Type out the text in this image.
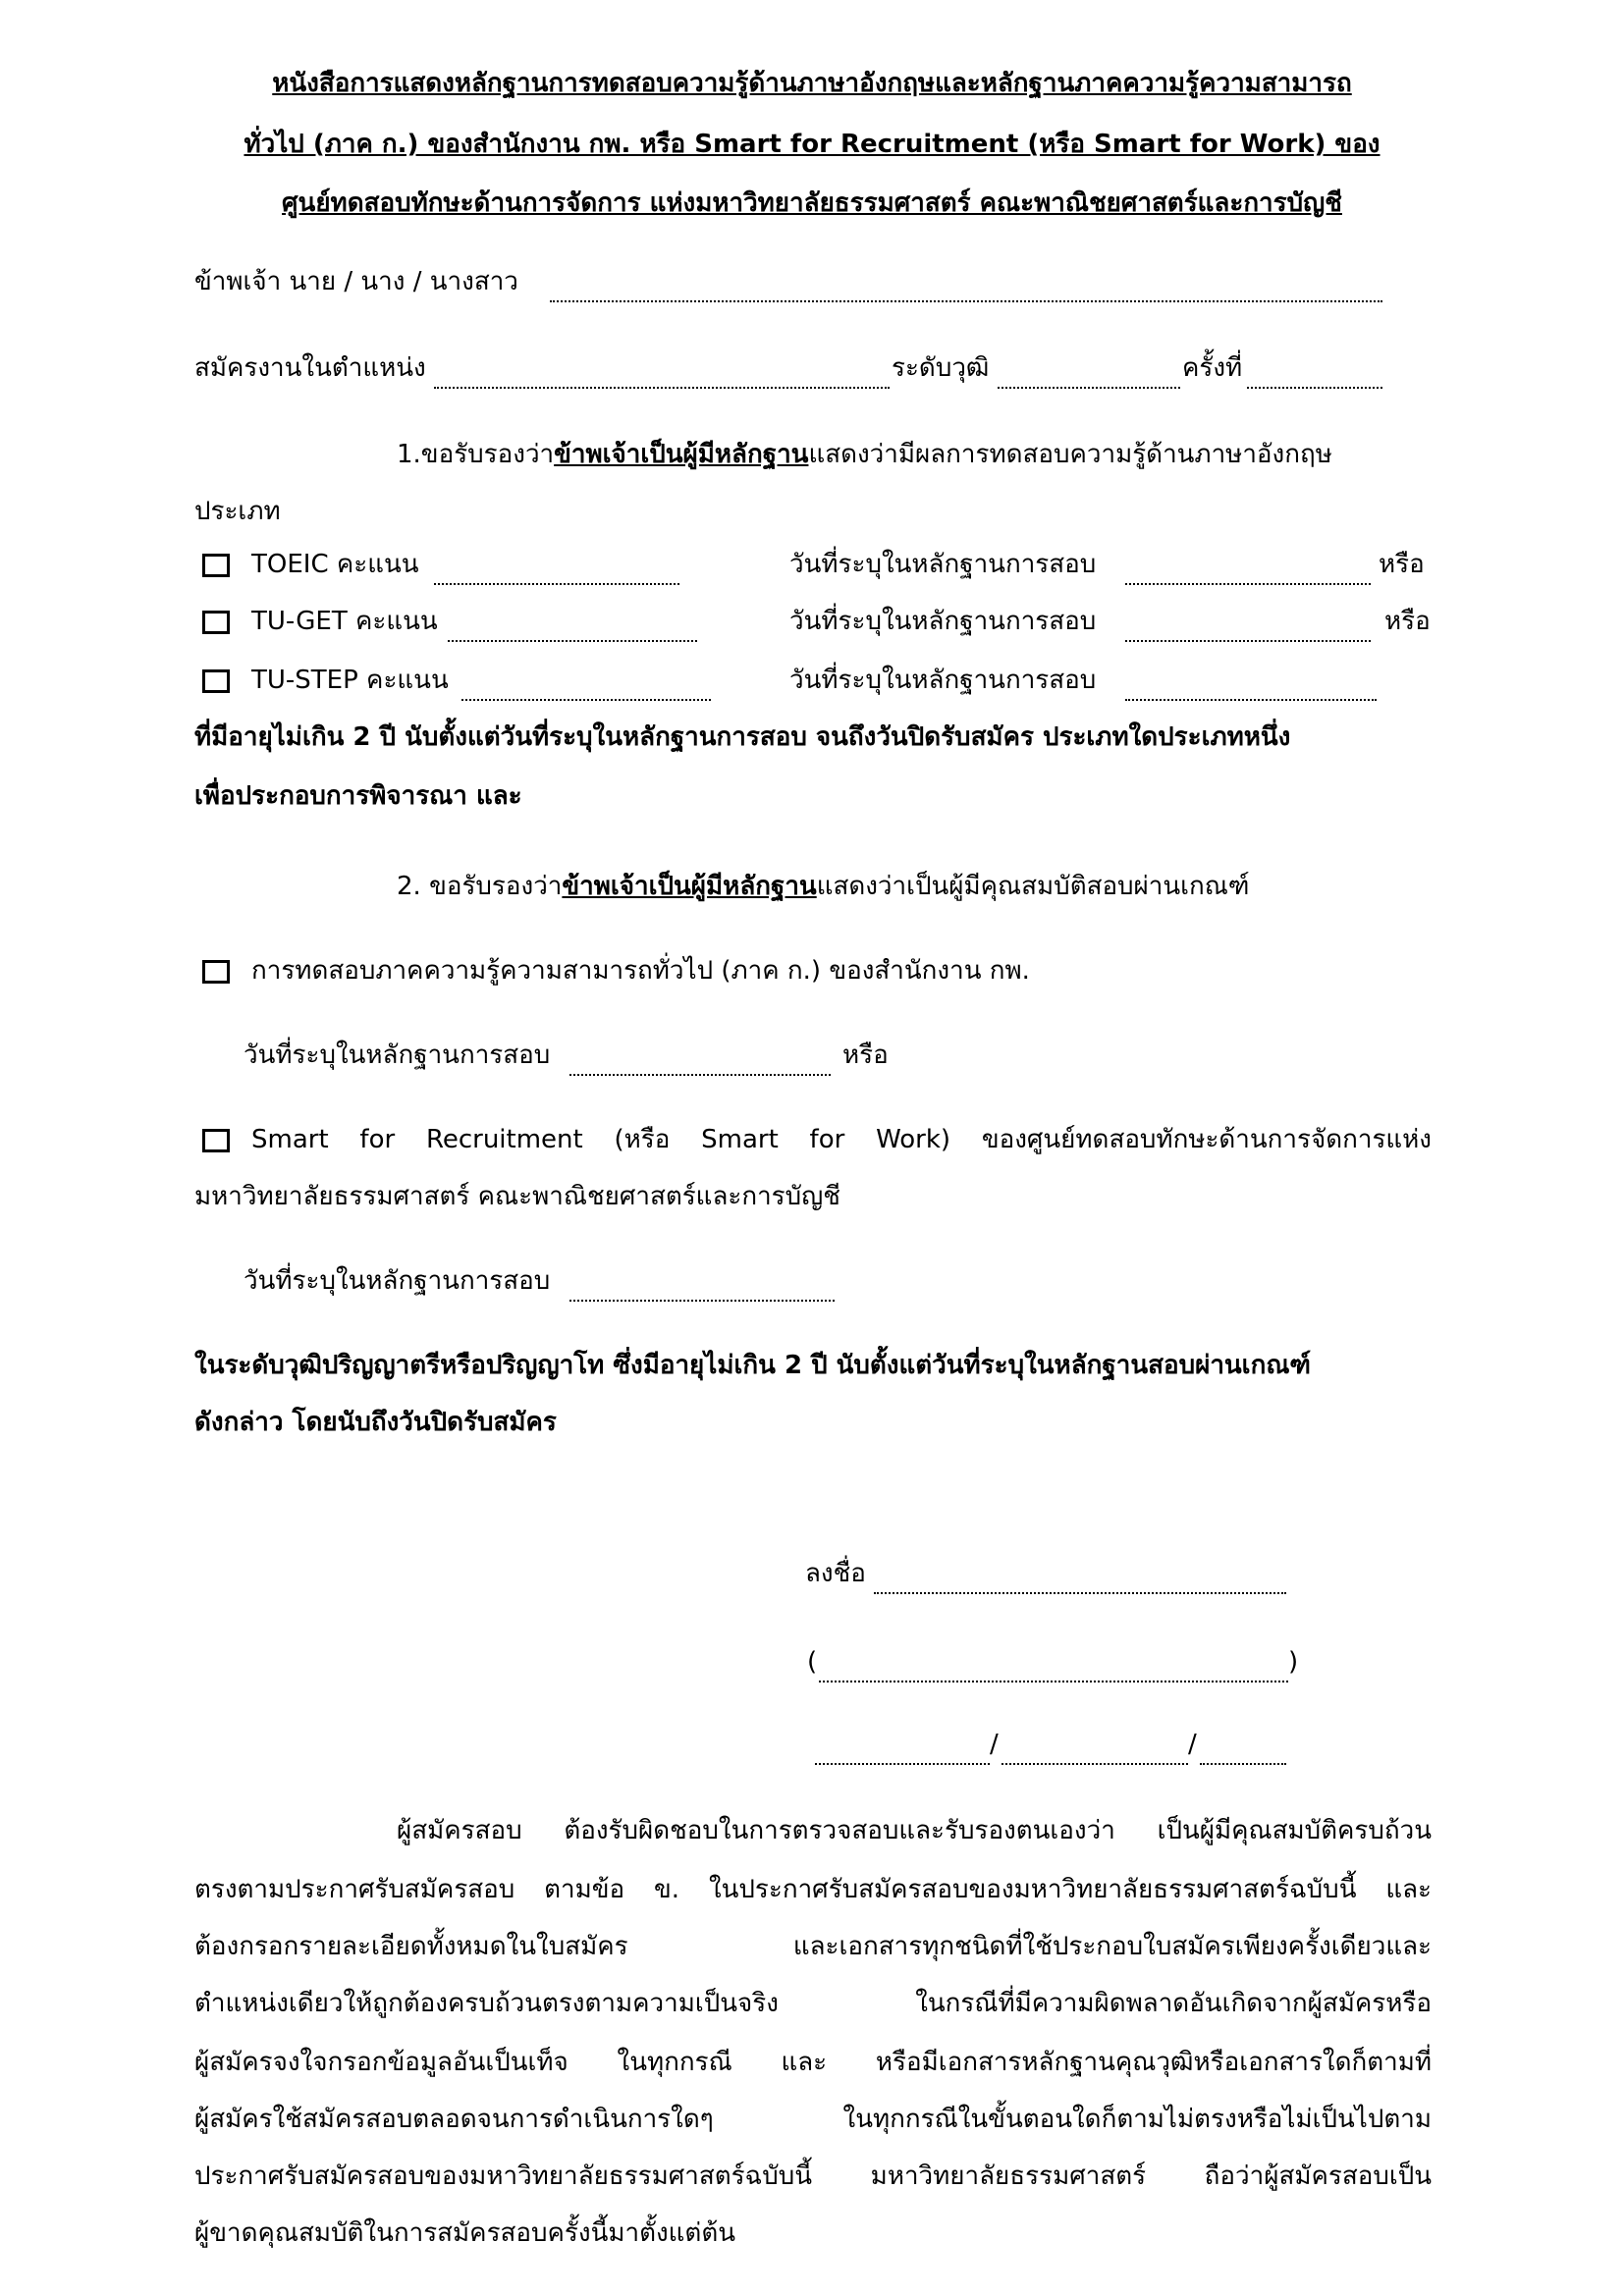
หนังสือการแสดงหลักฐานการทดสอบความรู้ด้านภาษาอังกฤษและหลักฐานภาคความรู้ความสามารถ
ทั่วไป (ภาค ก.) ของสำนักงาน กพ. หรือ Smart for Recruitment (หรือ Smart for Work) ของ
ศูนย์ทดสอบทักษะด้านการจัดการ แห่งมหาวิทยาลัยธรรมศาสตร์ คณะพาณิชยศาสตร์และการบัญชี
ข้าพเจ้า นาย / นาง / นางสาว
สมัครงานในตำแหน่ง	ระดับวุฒิ	ครั้งที่
1.ขอรับรองว่าข้าพเจ้าเป็นผู้มีหลักฐานแสดงว่ามีผลการทดสอบความรู้ด้านภาษาอังกฤษ
ประเภท
TOEIC คะแนน	วันที่ระบุในหลักฐานการสอบ	หรือ
TU-GET คะแนน	วันที่ระบุในหลักฐานการสอบ	หรือ
TU-STEP คะแนน	วันที่ระบุในหลักฐานการสอบ
ที่มีอายุไม่เกิน 2 ปี นับตั้งแต่วันที่ระบุในหลักฐานการสอบ จนถึงวันปิดรับสมัคร ประเภทใดประเภทหนึ่ง
เพื่อประกอบการพิจารณา และ
2. ขอรับรองว่าข้าพเจ้าเป็นผู้มีหลักฐานแสดงว่าเป็นผู้มีคุณสมบัติสอบผ่านเกณฑ์
การทดสอบภาคความรู้ความสามารถทั่วไป (ภาค ก.) ของสำนักงาน กพ.
วันที่ระบุในหลักฐานการสอบ	หรือ
Smart for Recruitment (หรือ Smart for Work) ของศูนย์ทดสอบทักษะด้านการจัดการแห่ง
มหาวิทยาลัยธรรมศาสตร์ คณะพาณิชยศาสตร์และการบัญชี
วันที่ระบุในหลักฐานการสอบ
ในระดับวุฒิปริญญาตรีหรือปริญญาโท ซึ่งมีอายุไม่เกิน 2 ปี นับตั้งแต่วันที่ระบุในหลักฐานสอบผ่านเกณฑ์
ดังกล่าว โดยนับถึงวันปิดรับสมัคร
ลงชื่อ
(	)
/	/
ผู้สมัครสอบ ต้องรับผิดชอบในการตรวจสอบและรับรองตนเองว่า เป็นผู้มีคุณสมบัติครบถ้วน
ตรงตามประกาศรับสมัครสอบ ตามข้อ ข. ในประกาศรับสมัครสอบของมหาวิทยาลัยธรรมศาสตร์ฉบับนี้ และ
ต้องกรอกรายละเอียดทั้งหมดในใบสมัคร และเอกสารทุกชนิดที่ใช้ประกอบใบสมัครเพียงครั้งเดียวและ
ตำแหน่งเดียวให้ถูกต้องครบถ้วนตรงตามความเป็นจริง ในกรณีที่มีความผิดพลาดอันเกิดจากผู้สมัครหรือ
ผู้สมัครจงใจกรอกข้อมูลอันเป็นเท็จ ในทุกกรณี และ หรือมีเอกสารหลักฐานคุณวุฒิหรือเอกสารใดก็ตามที่
ผู้สมัครใช้สมัครสอบตลอดจนการดำเนินการใดๆ ในทุกกรณีในขั้นตอนใดก็ตามไม่ตรงหรือไม่เป็นไปตาม
ประกาศรับสมัครสอบของมหาวิทยาลัยธรรมศาสตร์ฉบับนี้ มหาวิทยาลัยธรรมศาสตร์ ถือว่าผู้สมัครสอบเป็น
ผู้ขาดคุณสมบัติในการสมัครสอบครั้งนี้มาตั้งแต่ต้น
